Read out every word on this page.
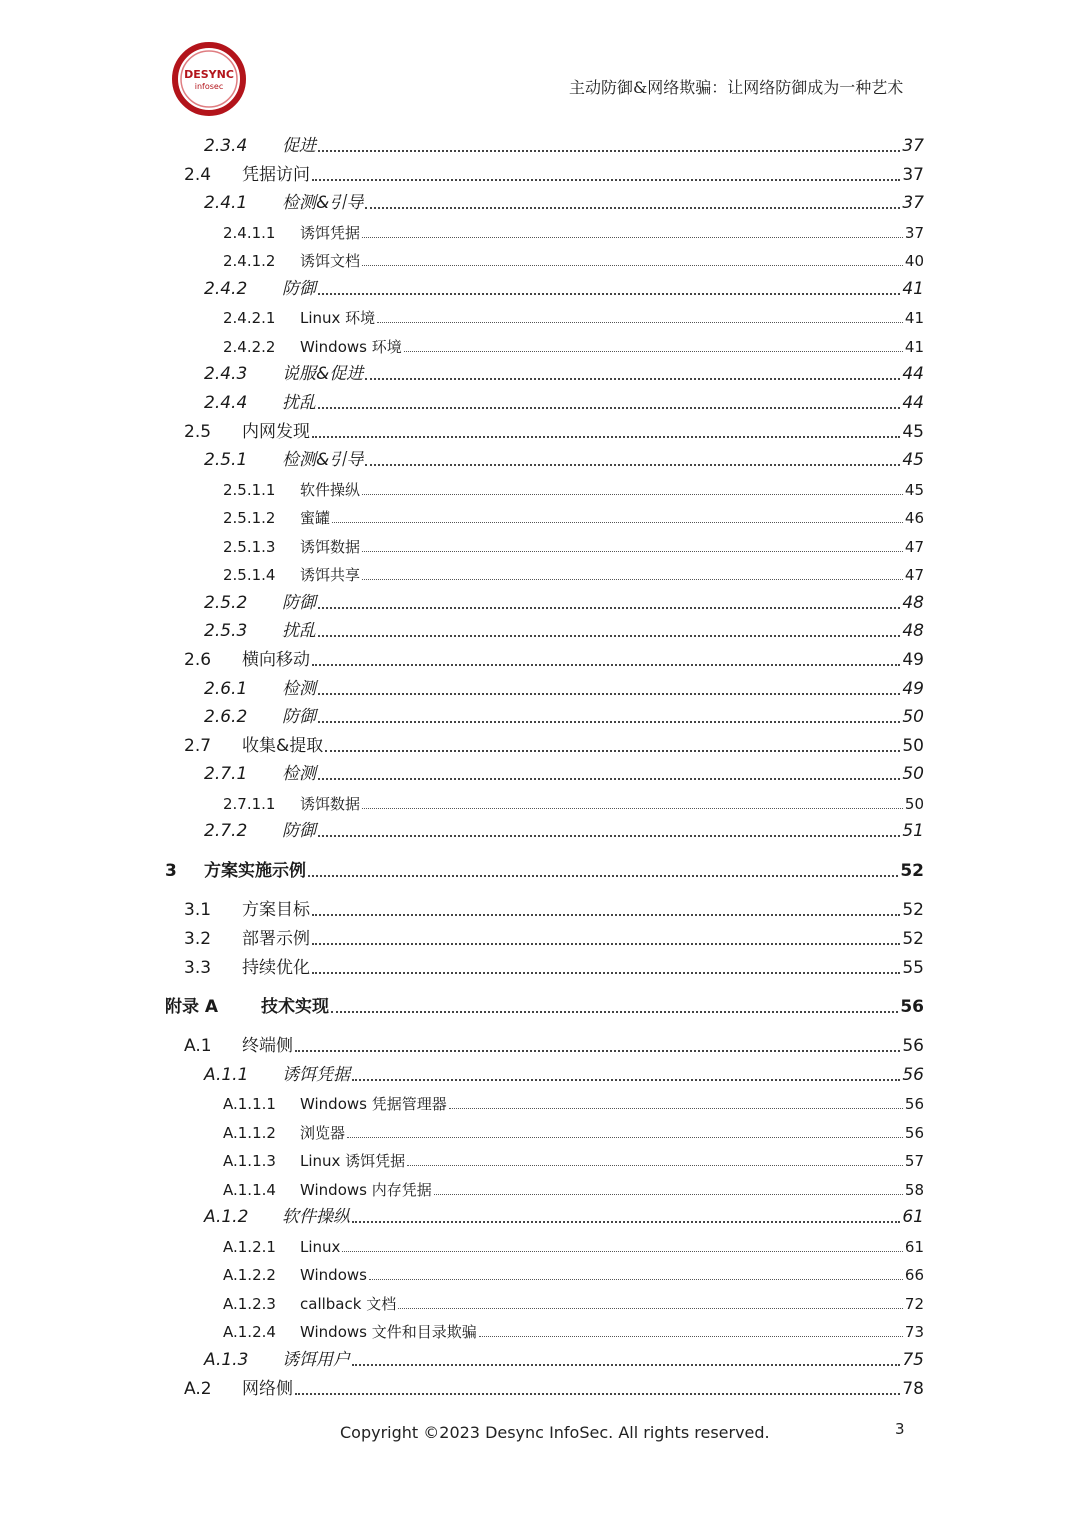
DESYNC
infosec	主动防御&网络欺骗：让网络防御成为一种艺术
2.3.4	促进	37
2.4	凭据访问	37
2.4.1	检测&引导	37
2.4.1.1	诱饵凭据	37
2.4.1.2	诱饵文档	40
2.4.2	防御	41
2.4.2.1	Linux 环境	41
2.4.2.2	Windows 环境	41
2.4.3	说服&促进	44
2.4.4	扰乱	44
2.5	内网发现	45
2.5.1	检测&引导	45
2.5.1.1	软件操纵	45
2.5.1.2	蜜罐	46
2.5.1.3	诱饵数据	47
2.5.1.4	诱饵共享	47
2.5.2	防御	48
2.5.3	扰乱	48
2.6	横向移动	49
2.6.1	检测	49
2.6.2	防御	50
2.7	收集&提取	50
2.7.1	检测	50
2.7.1.1	诱饵数据	50
2.7.2	防御	51
3	方案实施示例	52
3.1	方案目标	52
3.2	部署示例	52
3.3	持续优化	55
附录 A	技术实现	56
A.1	终端侧	56
A.1.1	诱饵凭据	56
A.1.1.1	Windows 凭据管理器	56
A.1.1.2	浏览器	56
A.1.1.3	Linux 诱饵凭据	57
A.1.1.4	Windows 内存凭据	58
A.1.2	软件操纵	61
A.1.2.1	Linux	61
A.1.2.2	Windows	66
A.1.2.3	callback 文档	72
A.1.2.4	Windows 文件和目录欺骗	73
A.1.3	诱饵用户	75
A.2	网络侧	78
Copyright ©2023 Desync InfoSec. All rights reserved.	3
